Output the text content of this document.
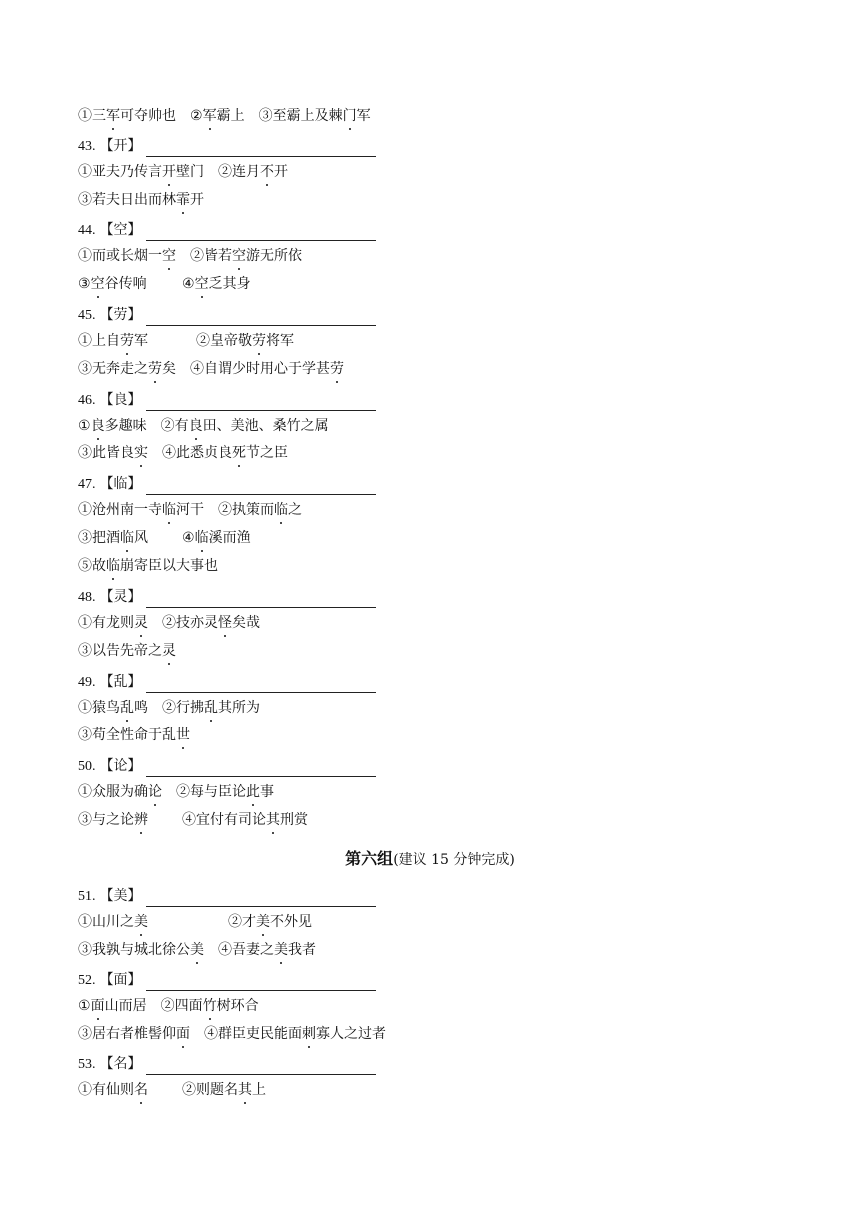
①三军可夺帅也 ②军霸上 ③至霸上及棘门军
43. 【开】
①亚夫乃传言开壁门 ②连月不开
③若夫日出而林霏开
44. 【空】
①而或长烟一空 ②皆若空游无所依
③空谷传响	④空乏其身
45. 【劳】
①上自劳军	②皇帝敬劳将军
③无奔走之劳矣 ④自谓少时用心于学甚劳
46. 【良】
①良多趣味 ②有良田、美池、桑竹之属
③此皆良实 ④此悉贞良死节之臣
47. 【临】
①沧州南一寺临河干 ②执策而临之
③把酒临风 ④临溪而渔
⑤故临崩寄臣以大事也
48. 【灵】
①有龙则灵 ②技亦灵怪矣哉
③以告先帝之灵
49. 【乱】
①猿鸟乱鸣 ②行拂乱其所为
③苟全性命于乱世
50. 【论】
①众服为确论 ②每与臣论此事
③与之论辨 ④宜付有司论其刑赏
51. 【美】
①山川之美	②才美不外见
③我孰与城北徐公美 ④吾妻之美我者
52. 【面】
①面山而居 ②四面竹树环合
③居右者椎髻仰面 ④群臣吏民能面刺寡人之过者
53. 【名】
①有仙则名 ②则题名其上
第六组(建议 15 分钟完成)
